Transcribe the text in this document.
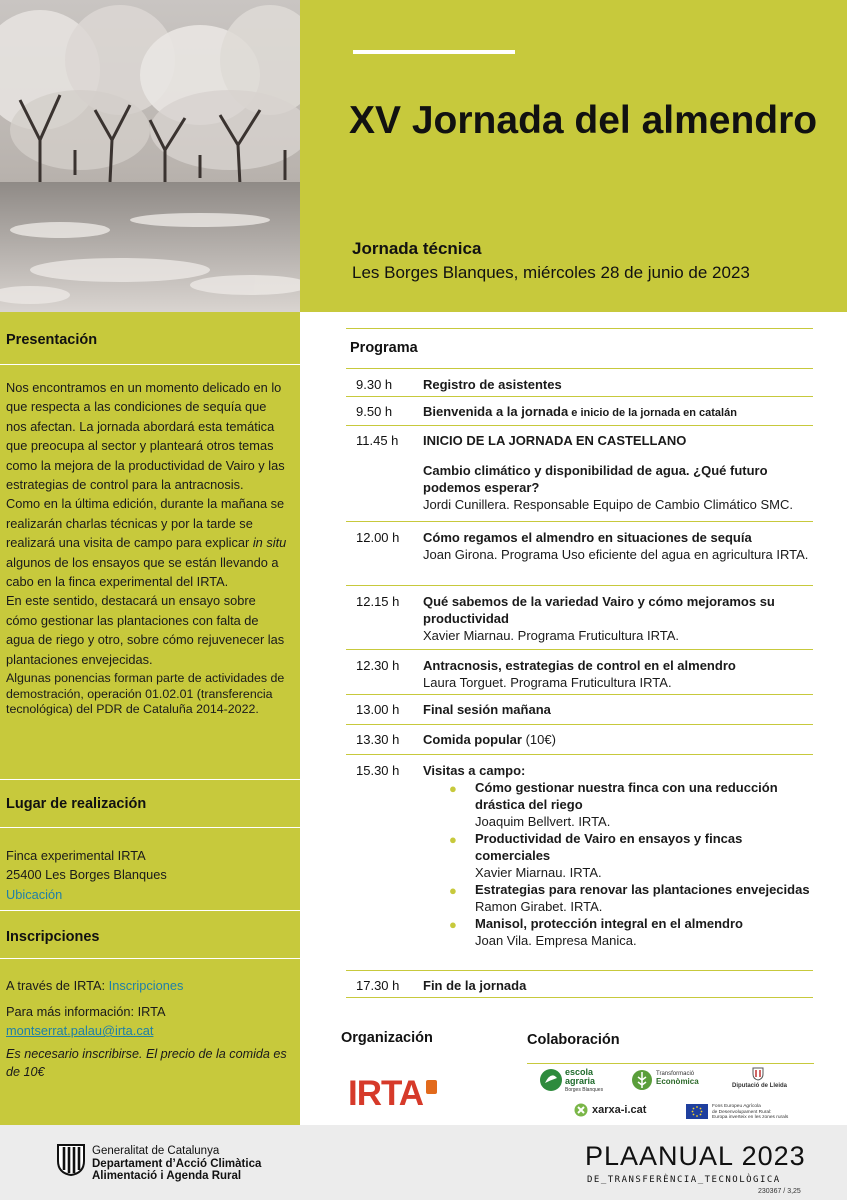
XV Jornada del almendro
Jornada técnica
Les Borges Blanques, miércoles 28 de junio de 2023
Presentación

Nos encontramos en un momento delicado en lo que respecta a las condiciones de sequía que nos afectan. La jornada abordará esta temática que preocupa al sector y planteará otros temas como la mejora de la productividad de Vairo y las estrategias de control para la antracnosis.

Como en la última edición, durante la mañana se realizarán charlas técnicas y por la tarde se realizará una visita de campo para explicar in situ algunos de los ensayos que se están llevando a cabo en la finca experimental del IRTA.

En este sentido, destacará un ensayo sobre cómo gestionar las plantaciones con falta de agua de riego y otro, sobre cómo rejuvenecer las plantaciones envejecidas.

Algunas ponencias forman parte de actividades de demostración, operación 01.02.01 (transferencia tecnológica) del PDR de Cataluña 2014-2022.

Lugar de realización
Finca experimental IRTA
25400 Les Borges Blanques
Ubicación
Inscripciones
A través de IRTA: Inscripciones
Para más información: IRTA
montserrat.palau@irta.cat
Es necesario inscribirse. El precio de la comida es de 10€
Programa
9.30 h	Registro de asistentes
9.50 h	Bienvenida a la jornada e inicio de la jornada en catalán
11.45 h	INICIO DE LA JORNADA EN CASTELLANO
Cambio climático y disponibilidad de agua. ¿Qué futuro podemos esperar?
Jordi Cunillera. Responsable Equipo de Cambio Climático SMC.
12.00 h	Cómo regamos el almendro en situaciones de sequía
Joan Girona. Programa Uso eficiente del agua en agricultura IRTA.
12.15 h	Qué sabemos de la variedad Vairo y cómo mejoramos su productividad
Xavier Miarnau. Programa Fruticultura IRTA.
12.30 h	Antracnosis, estrategias de control en el almendro
Laura Torguet. Programa Fruticultura IRTA.
13.00 h	Final sesión mañana
13.30 h	Comida popular (10€)
15.30 h	Visitas a campo:
● Cómo gestionar nuestra finca con una reducción drástica del riego
Joaquim Bellvert. IRTA.
● Productividad de Vairo en ensayos y fincas comerciales
Xavier Miarnau. IRTA.
● Estrategias para renovar las plantaciones envejecidas
Ramon Girabet. IRTA.
● Manisol, protección integral en el almendro
Joan Vila. Empresa Manica.
17.30 h	Fin de la jornada
Organización	Colaboración
IRTA
escola
agraria
Borges Blanques
Transformació
Econòmica	Diputació de Lleida
xarxa-i.cat	Fons Europeu Agrícola
de Desenvolupament Rural:
Europa inverteix en les zones rurals
Generalitat de Catalunya
Departament d’Acció Climàtica
Alimentació i Agenda Rural
PLAANUAL 2023
DE_TRANSFERÈNCIA_TECNOLÒGICA
230367 / 3,25
